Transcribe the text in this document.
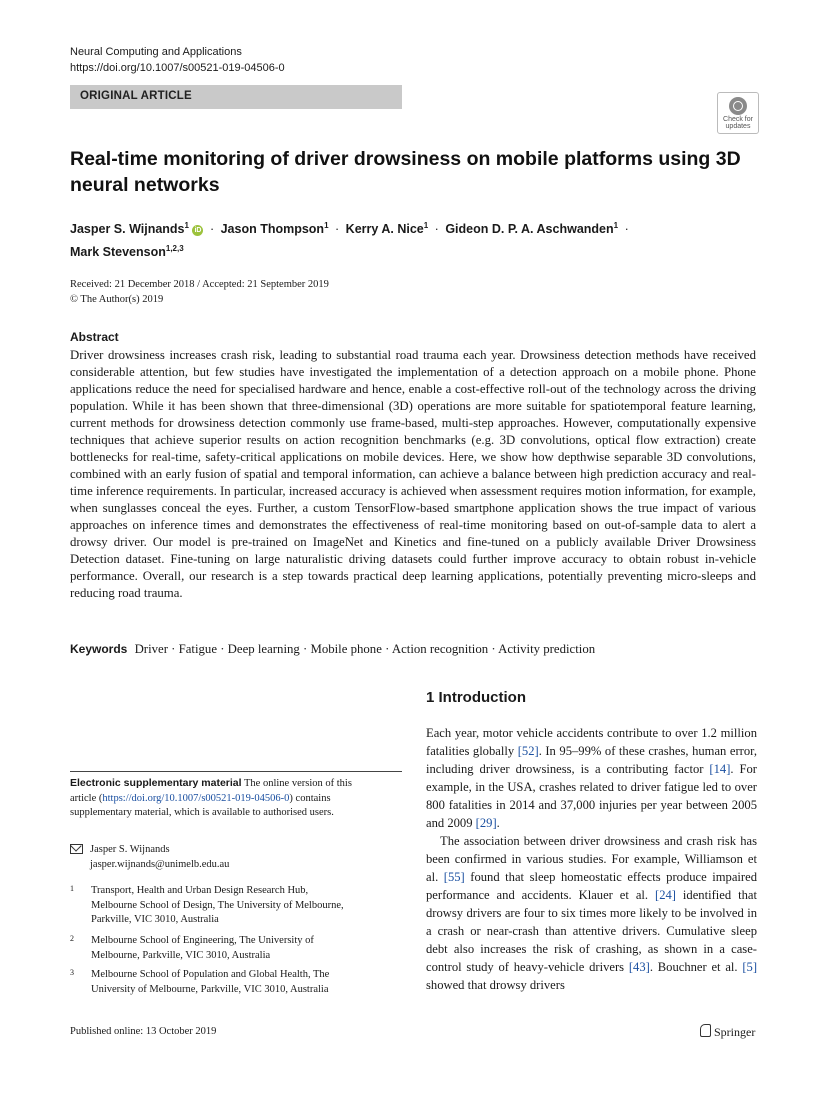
Neural Computing and Applications
https://doi.org/10.1007/s00521-019-04506-0
ORIGINAL ARTICLE
Check for
updates
Real-time monitoring of driver drowsiness on mobile platforms using 3D neural networks
Jasper S. Wijnands$^1$ iD · Jason Thompson$^1$ · Kerry A. Nice$^1$ · Gideon D. P. A. Aschwanden$^1$ ·
Mark Stevenson$^{1,2,3}$
Received: 21 December 2018 / Accepted: 21 September 2019
© The Author(s) 2019
Abstract
Driver drowsiness increases crash risk, leading to substantial road trauma each year. Drowsiness detection methods have received considerable attention, but few studies have investigated the implementation of a detection approach on a mobile phone. Phone applications reduce the need for specialised hardware and hence, enable a cost-effective roll-out of the technology across the driving population. While it has been shown that three-dimensional (3D) operations are more suitable for spatiotemporal feature learning, current methods for drowsiness detection commonly use frame-based, multi-step approaches. However, computationally expensive techniques that achieve superior results on action recognition benchmarks (e.g. 3D convolutions, optical flow extraction) create bottlenecks for real-time, safety-critical applications on mobile devices. Here, we show how depthwise separable 3D convolutions, combined with an early fusion of spatial and temporal information, can achieve a balance between high prediction accuracy and real-time inference requirements. In particular, increased accuracy is achieved when assessment requires motion information, for example, when sunglasses conceal the eyes. Further, a custom TensorFlow-based smartphone application shows the true impact of various approaches on inference times and demonstrates the effectiveness of real-time monitoring based on out-of-sample data to alert a drowsy driver. Our model is pre-trained on ImageNet and Kinetics and fine-tuned on a publicly available Driver Drowsiness Detection dataset. Fine-tuning on large naturalistic driving datasets could further improve accuracy to obtain robust in-vehicle performance. Overall, our research is a step towards practical deep learning applications, potentially preventing micro-sleeps and reducing road trauma.
Keywords Driver · Fatigue · Deep learning · Mobile phone · Action recognition · Activity prediction
1 Introduction

Each year, motor vehicle accidents contribute to over 1.2 million fatalities globally [52]. In 95–99% of these crashes, human error, including driver drowsiness, is a contributing factor [14]. For example, in the USA, crashes related to driver fatigue led to over 800 fatalities in 2014 and 37,000 injuries per year between 2005 and 2009 [29].

The association between driver drowsiness and crash risk has been confirmed in various studies. For example, Williamson et al. [55] found that sleep homeostatic effects produce impaired performance and accidents. Klauer et al. [24] identified that drowsy drivers are four to six times more likely to be involved in a crash or near-crash than attentive drivers. Cumulative sleep debt also increases the risk of crashing, as shown in a case-control study of heavy-vehicle drivers [43]. Bouchner et al. [5] showed that drowsy drivers

Electronic supplementary material The online version of this article (https://doi.org/10.1007/s00521-019-04506-0) contains supplementary material, which is available to authorised users.
Jasper S. Wijnands
jasper.wijnands@unimelb.edu.au
1 Transport, Health and Urban Design Research Hub,
Melbourne School of Design, The University of Melbourne,
Parkville, VIC 3010, Australia
2 Melbourne School of Engineering, The University of
Melbourne, Parkville, VIC 3010, Australia
3 Melbourne School of Population and Global Health, The
University of Melbourne, Parkville, VIC 3010, Australia
Published online: 13 October 2019	Springer
